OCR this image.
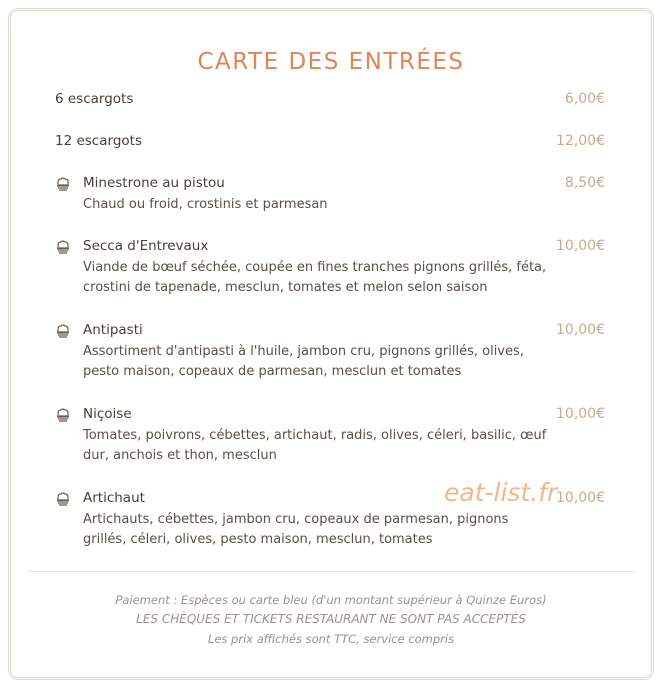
CARTE DES ENTRÉES
6 escargots	6,00€
12 escargots	12,00€
Minestrone au pistou	8,50€
Chaud ou froid, crostinis et parmesan
Secca d'Entrevaux	10,00€
Viande de bœuf séchée, coupée en fines tranches pignons grillés, féta,
crostini de tapenade, mesclun, tomates et melon selon saison
Antipasti	10,00€
Assortiment d'antipasti à l'huile, jambon cru, pignons grillés, olives,
pesto maison, copeaux de parmesan, mesclun et tomates
Niçoise	10,00€
Tomates, poivrons, cébettes, artichaut, radis, olives, céleri, basilic, œuf
dur, anchois et thon, mesclun
Artichaut	10,00€
Artichauts, cébettes, jambon cru, copeaux de parmesan, pignons
grillés, céleri, olives, pesto maison, mesclun, tomates
eat-list.fr
Paiement : Espèces ou carte bleu (d'un montant supérieur à Quinze Euros)
LES CHÈQUES ET TICKETS RESTAURANT NE SONT PAS ACCEPTÉS
Les prix affichés sont TTC, service compris
